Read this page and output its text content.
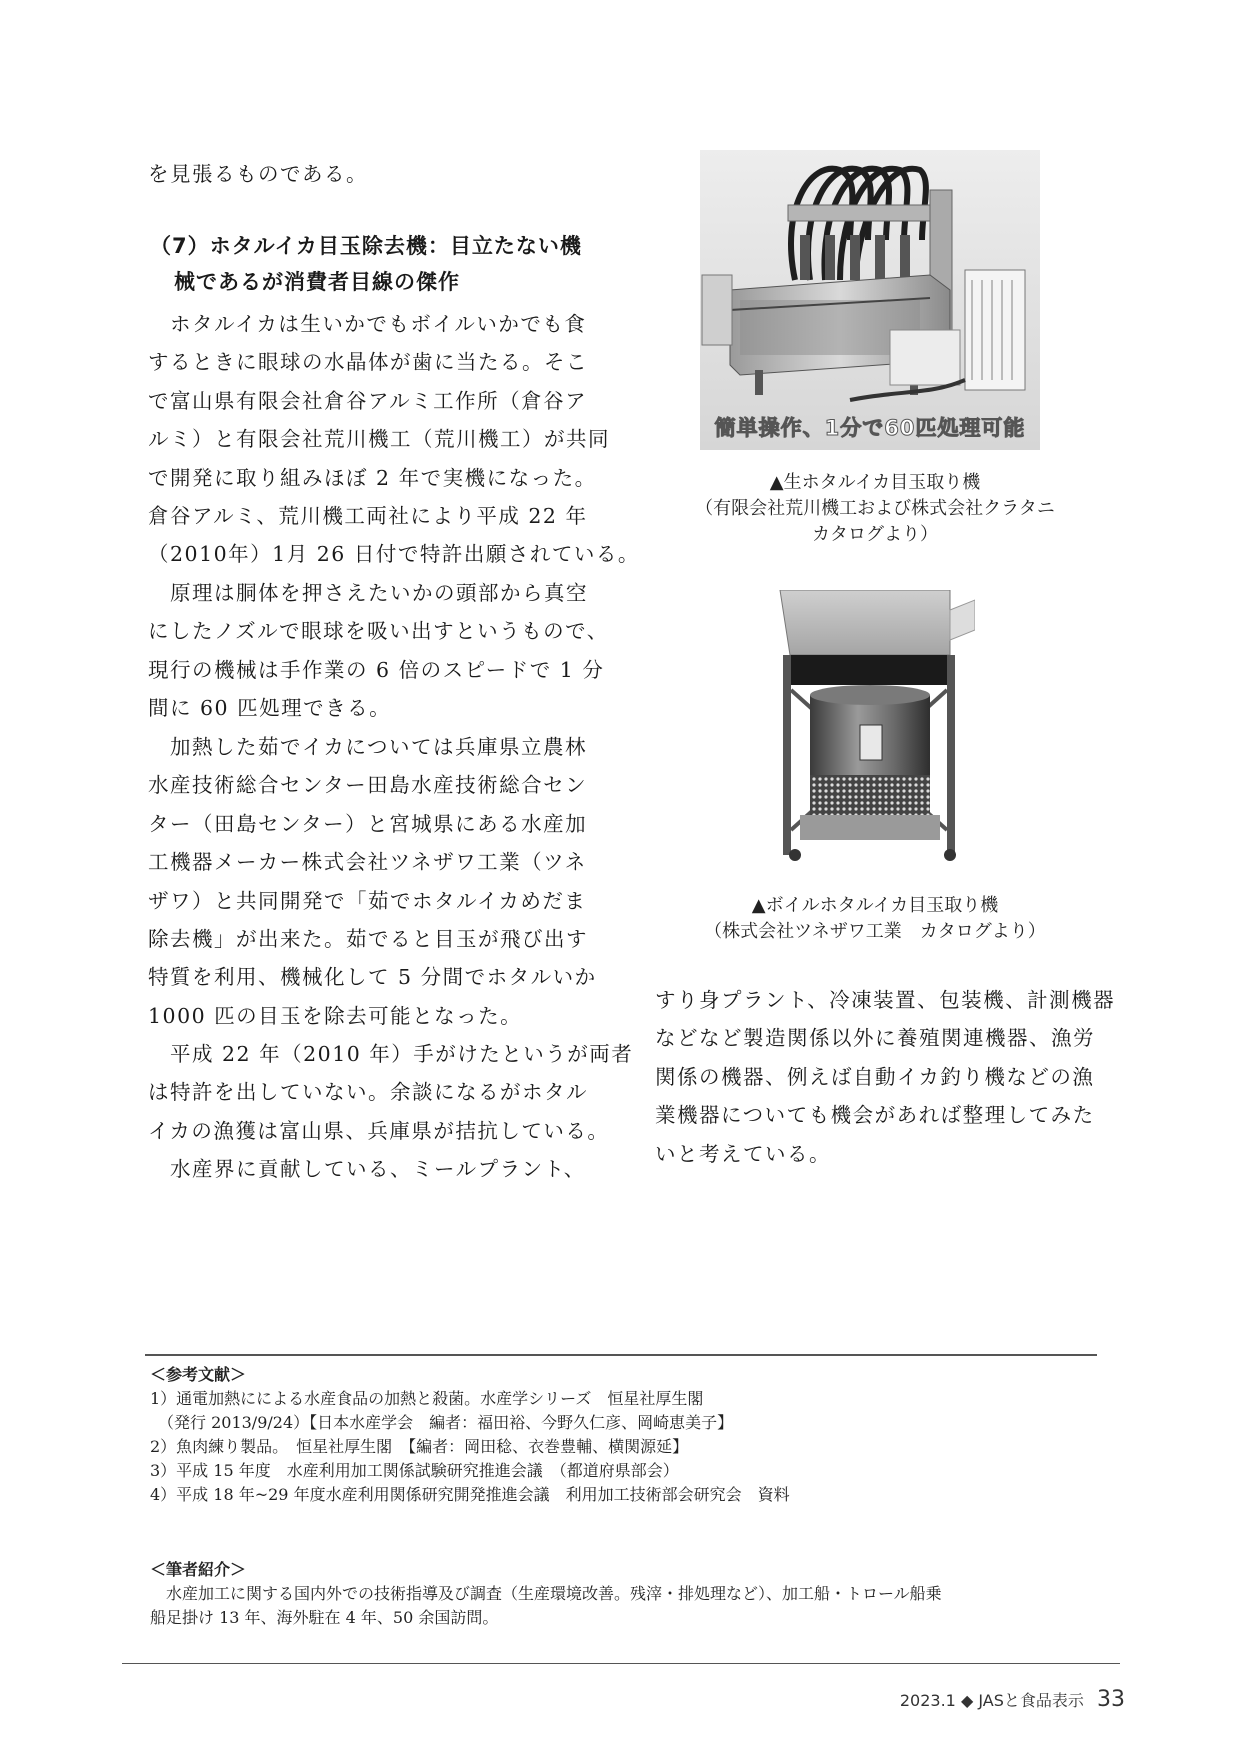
を見張るものである。
（7）ホタルイカ目玉除去機：目立たない機
械であるが消費者目線の傑作
ホタルイカは生いかでもボイルいかでも食
するときに眼球の水晶体が歯に当たる。そこ
で富山県有限会社倉谷アルミ工作所（倉谷ア
ルミ）と有限会社荒川機工（荒川機工）が共同
で開発に取り組みほぼ 2 年で実機になった。
倉谷アルミ、荒川機工両社により平成 22 年
（2010年）1月 26 日付で特許出願されている。
原理は胴体を押さえたいかの頭部から真空
にしたノズルで眼球を吸い出すというもので、
現行の機械は手作業の 6 倍のスピードで 1 分
間に 60 匹処理できる。
加熱した茹でイカについては兵庫県立農林
水産技術総合センター田島水産技術総合セン
ター（田島センター）と宮城県にある水産加
工機器メーカー株式会社ツネザワ工業（ツネ
ザワ）と共同開発で「茹でホタルイカめだま
除去機」が出来た。茹でると目玉が飛び出す
特質を利用、機械化して 5 分間でホタルいか
1000 匹の目玉を除去可能となった。
平成 22 年（2010 年）手がけたというが両者
は特許を出していない。余談になるがホタル
イカの漁獲は富山県、兵庫県が拮抗している。
水産界に貢献している、ミールプラント、
簡単操作、1分で60匹処理可能
▲生ホタルイカ目玉取り機
（有限会社荒川機工および株式会社クラタニ
カタログより）
▲ボイルホタルイカ目玉取り機
（株式会社ツネザワ工業　カタログより）
すり身プラント、冷凍装置、包装機、計測機器
などなど製造関係以外に養殖関連機器、漁労
関係の機器、例えば自動イカ釣り機などの漁
業機器についても機会があれば整理してみた
いと考えている。
＜参考文献＞
1）通電加熱にによる水産食品の加熱と殺菌。水産学シリーズ　恒星社厚生閣
　（発行 2013/9/24）【日本水産学会　編者：福田裕、今野久仁彦、岡崎恵美子】
2）魚肉練り製品。　恒星社厚生閣　【編者：岡田稔、衣巻豊輔、横関源延】
3）平成 15 年度　水産利用加工関係試験研究推進会議　（都道府県部会）
4）平成 18 年~29 年度水産利用関係研究開発推進会議　利用加工技術部会研究会　資料
＜筆者紹介＞
　水産加工に関する国内外での技術指導及び調査（生産環境改善。残滓・排処理など）、加工船・トロール船乗
船足掛け 13 年、海外駐在 4 年、50 余国訪問。
2023.1 ◆ JASと食品表示 33
